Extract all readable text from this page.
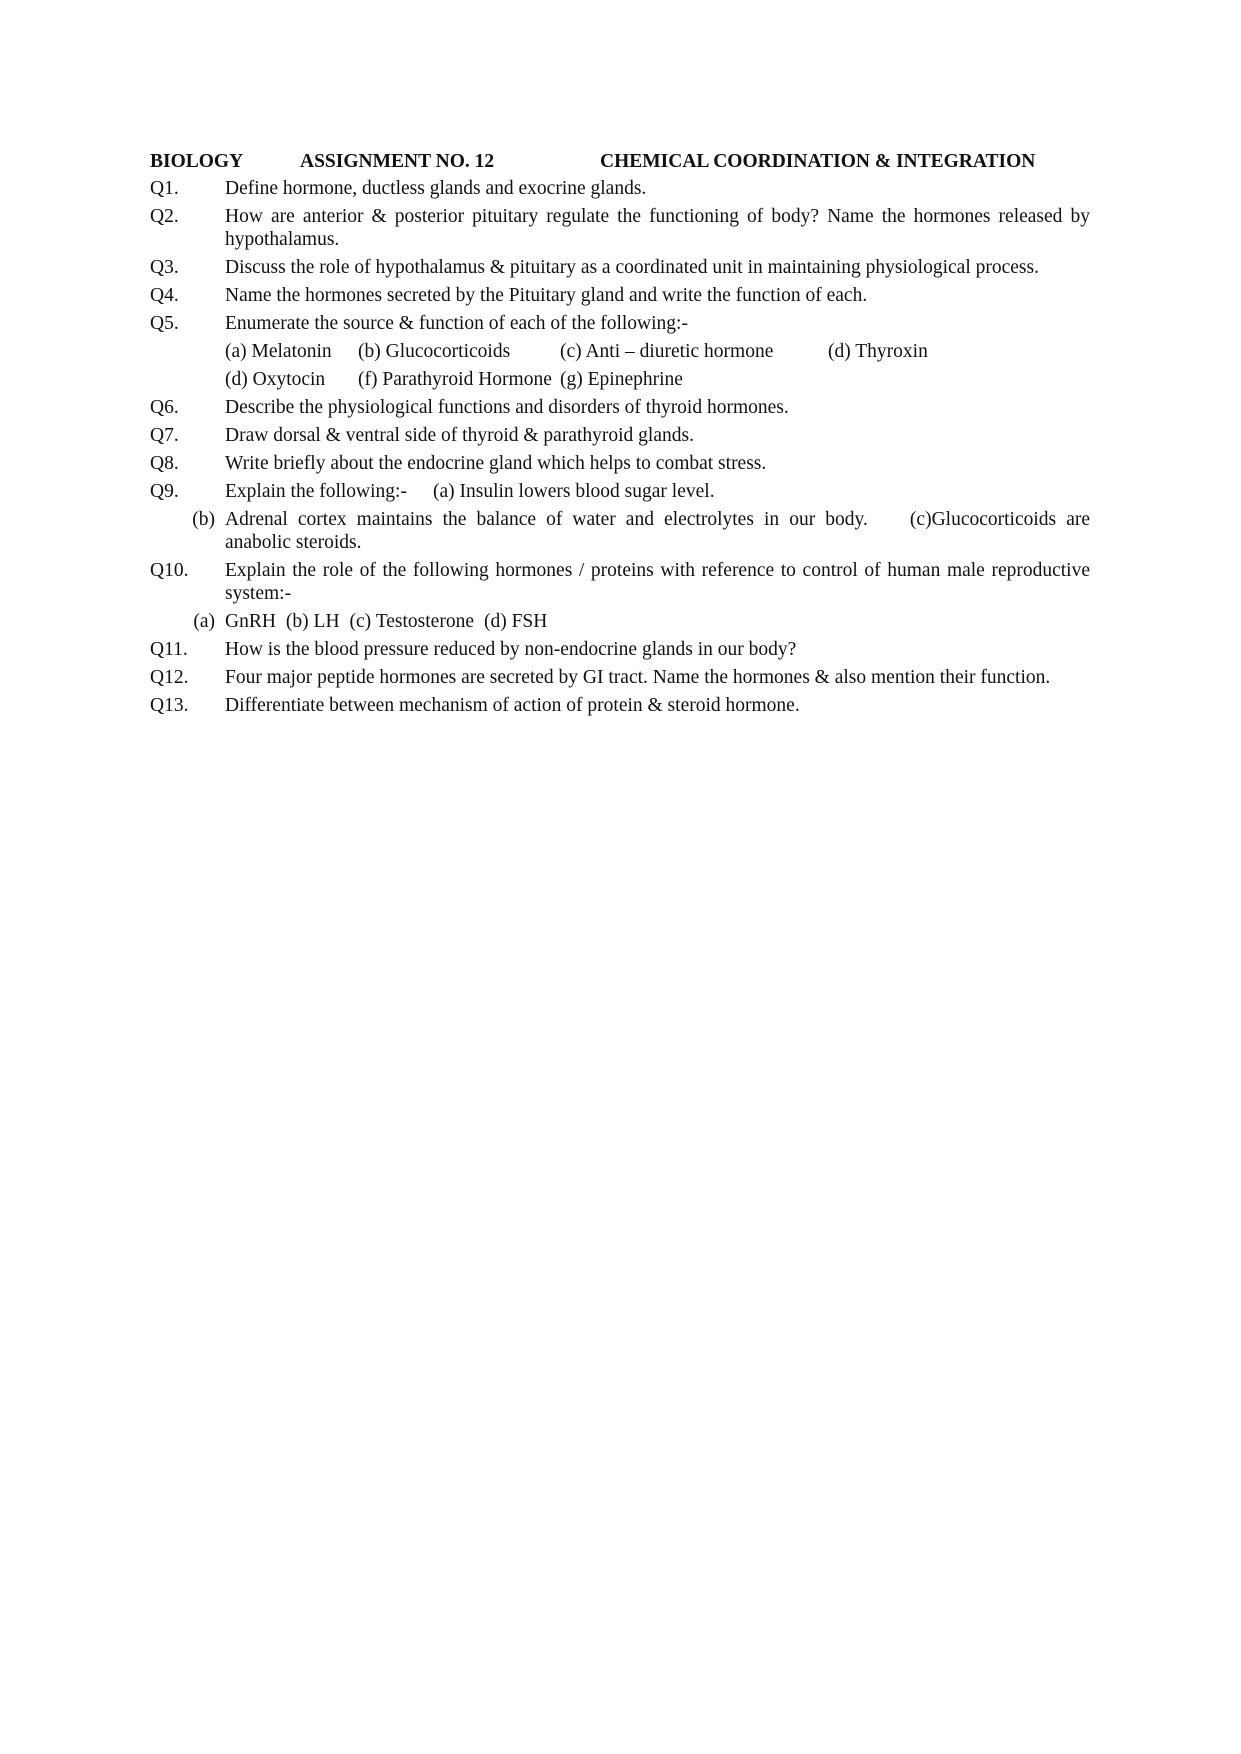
BIOLOGY	ASSIGNMENT NO. 12	CHEMICAL COORDINATION & INTEGRATION
Q1. Define hormone, ductless glands and exocrine glands.
Q2. How are anterior & posterior pituitary regulate the functioning of body? Name the hormones released by hypothalamus.
Q3. Discuss the role of hypothalamus & pituitary as a coordinated unit in maintaining physiological process.
Q4. Name the hormones secreted by the Pituitary gland and write the function of each.
Q5. Enumerate the source & function of each of the following:-
(a) Melatonin (b) Glucocorticoids	(c) Anti – diuretic hormone	(d) Thyroxin
(d) Oxytocin (f) Parathyroid Hormone (g) Epinephrine
Q6. Describe the physiological functions and disorders of thyroid hormones.
Q7. Draw dorsal & ventral side of thyroid & parathyroid glands.
Q8. Write briefly about the endocrine gland which helps to combat stress.
Q9. Explain the following:- (a) Insulin lowers blood sugar level.
(b) Adrenal cortex maintains the balance of water and electrolytes in our body. (c)Glucocorticoids are anabolic steroids.
Q10. Explain the role of the following hormones / proteins with reference to control of human male reproductive system:-
(a) GnRH (b) LH (c) Testosterone (d) FSH
Q11. How is the blood pressure reduced by non-endocrine glands in our body?
Q12. Four major peptide hormones are secreted by GI tract. Name the hormones & also mention their function.
Q13. Differentiate between mechanism of action of protein & steroid hormone.
